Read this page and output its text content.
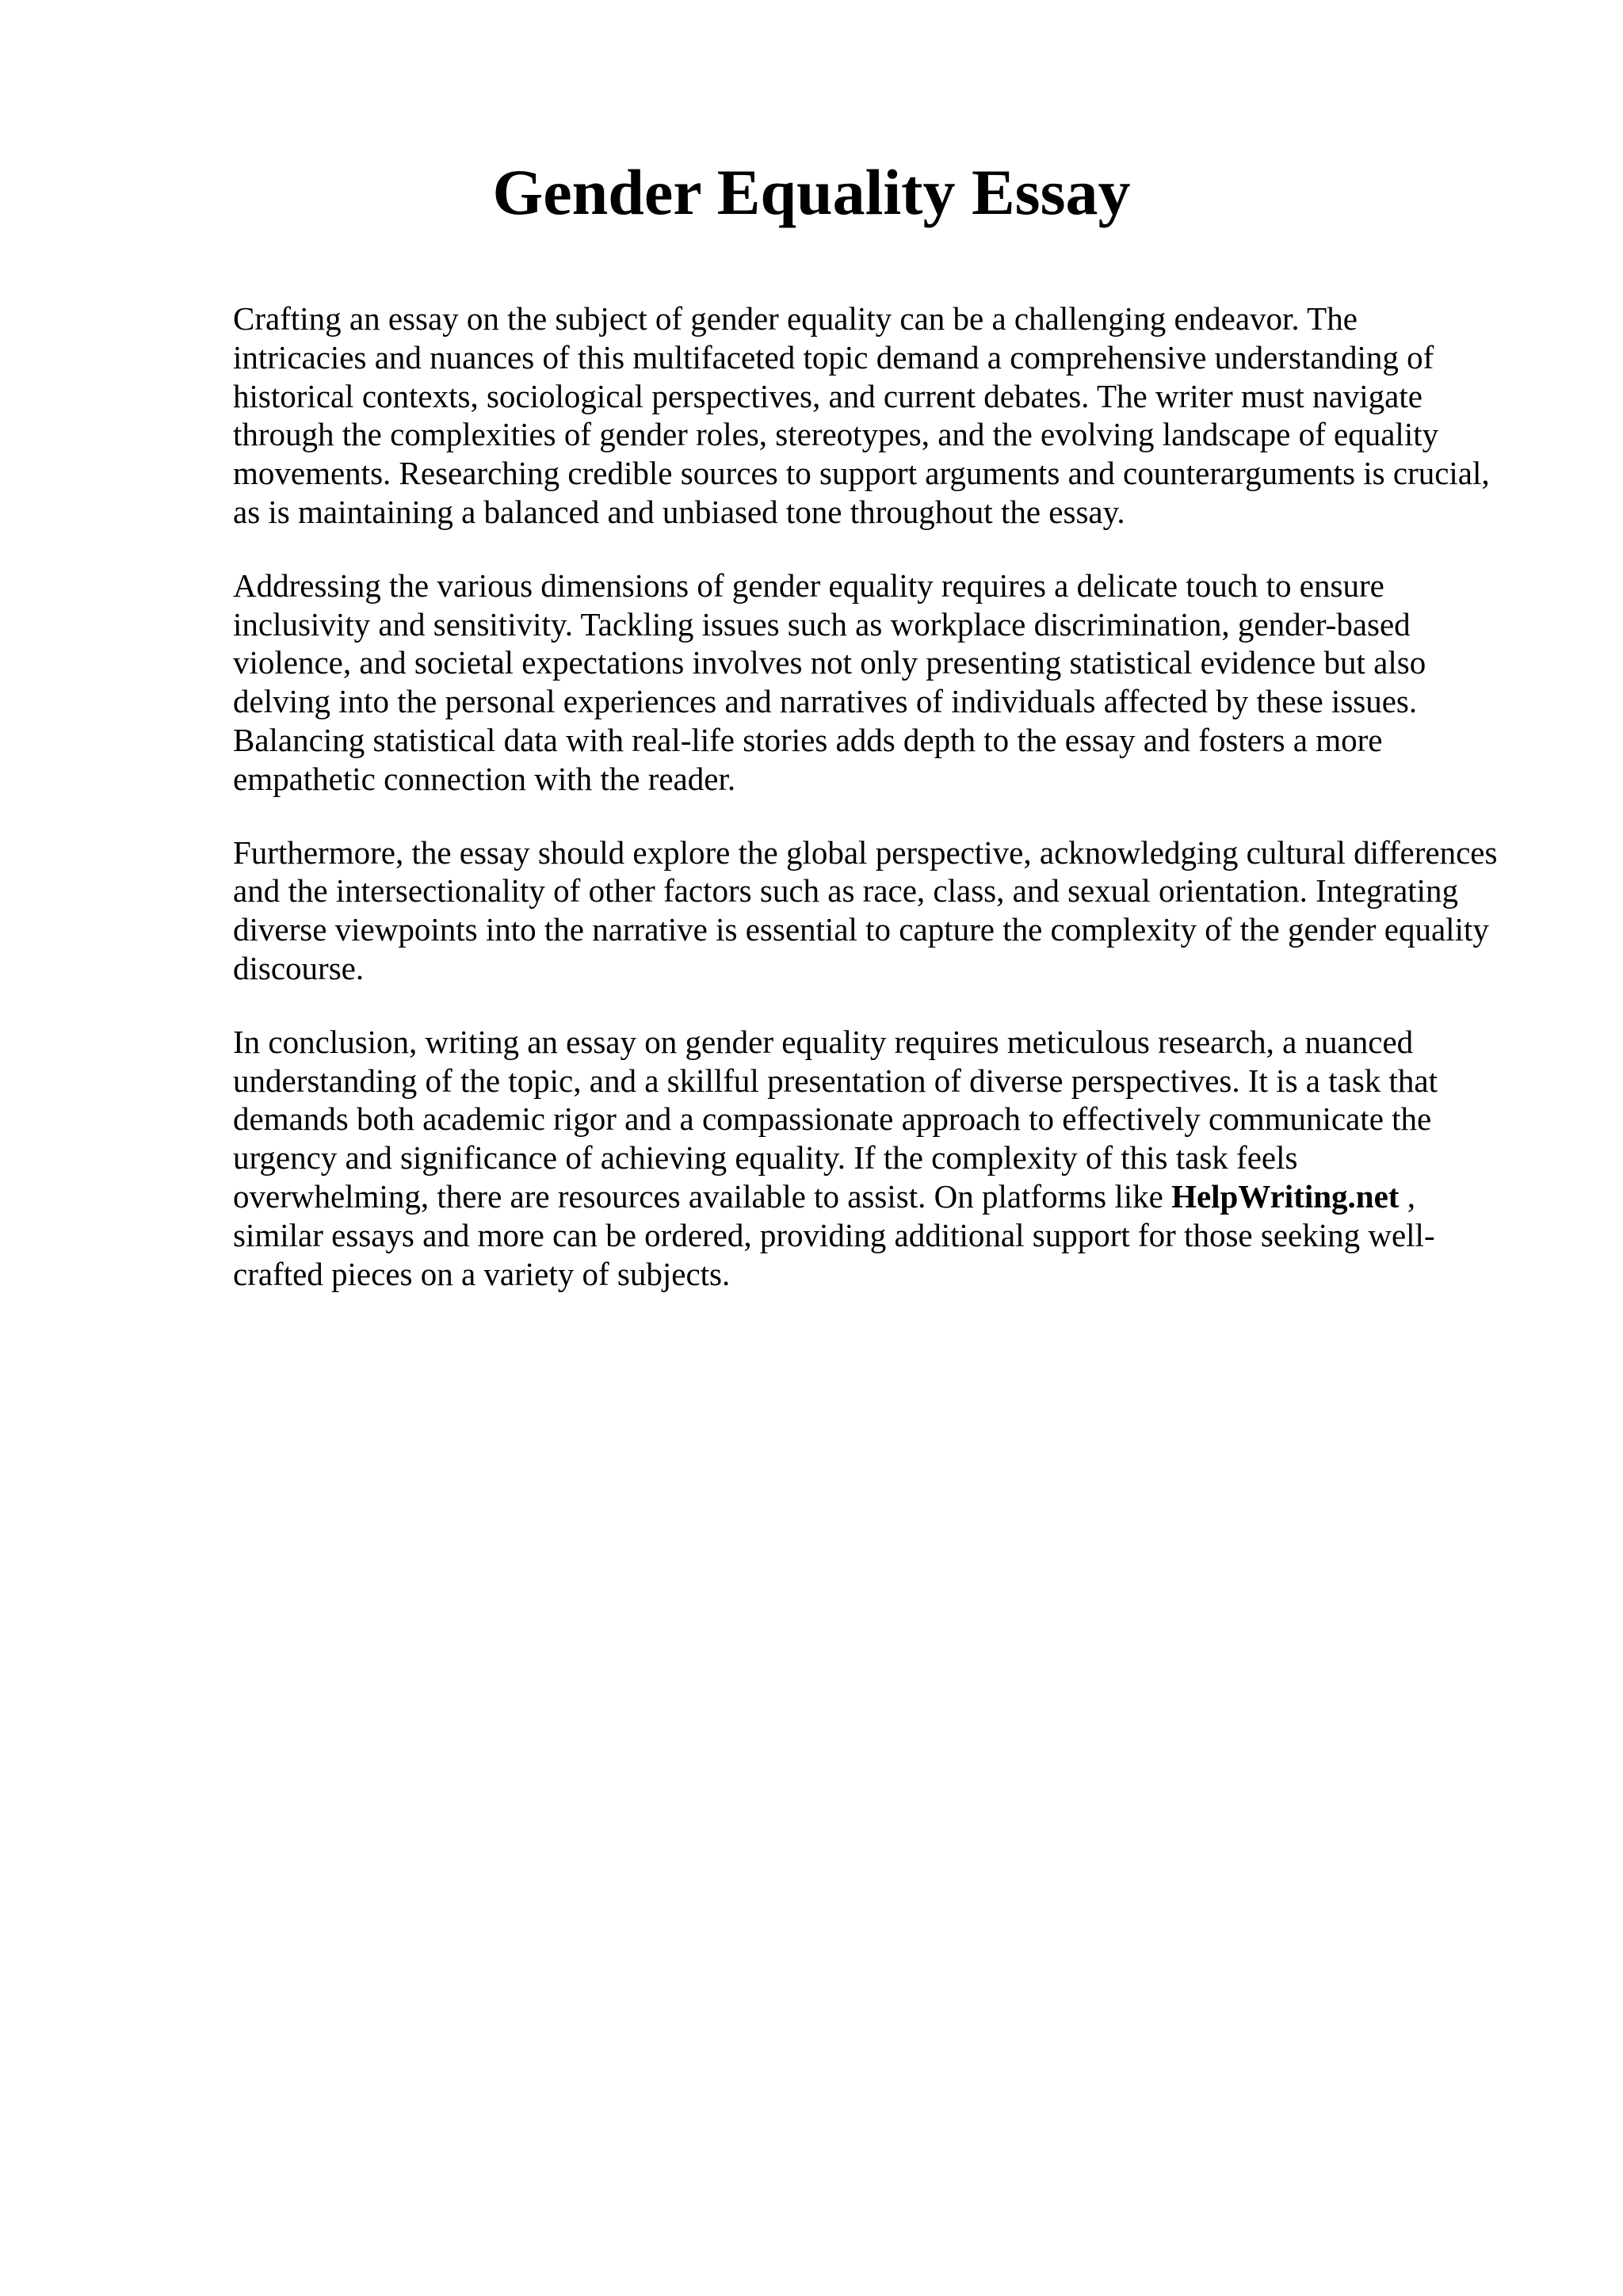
Gender Equality Essay

Crafting an essay on the subject of gender equality can be a challenging endeavor. The
intricacies and nuances of this multifaceted topic demand a comprehensive understanding of
historical contexts, sociological perspectives, and current debates. The writer must navigate
through the complexities of gender roles, stereotypes, and the evolving landscape of equality
movements. Researching credible sources to support arguments and counterarguments is crucial,
as is maintaining a balanced and unbiased tone throughout the essay.

Addressing the various dimensions of gender equality requires a delicate touch to ensure
inclusivity and sensitivity. Tackling issues such as workplace discrimination, gender-based
violence, and societal expectations involves not only presenting statistical evidence but also
delving into the personal experiences and narratives of individuals affected by these issues.
Balancing statistical data with real-life stories adds depth to the essay and fosters a more
empathetic connection with the reader.

Furthermore, the essay should explore the global perspective, acknowledging cultural differences
and the intersectionality of other factors such as race, class, and sexual orientation. Integrating
diverse viewpoints into the narrative is essential to capture the complexity of the gender equality
discourse.

In conclusion, writing an essay on gender equality requires meticulous research, a nuanced
understanding of the topic, and a skillful presentation of diverse perspectives. It is a task that
demands both academic rigor and a compassionate approach to effectively communicate the
urgency and significance of achieving equality. If the complexity of this task feels
overwhelming, there are resources available to assist. On platforms like HelpWriting.net ,
similar essays and more can be ordered, providing additional support for those seeking well-
crafted pieces on a variety of subjects.
